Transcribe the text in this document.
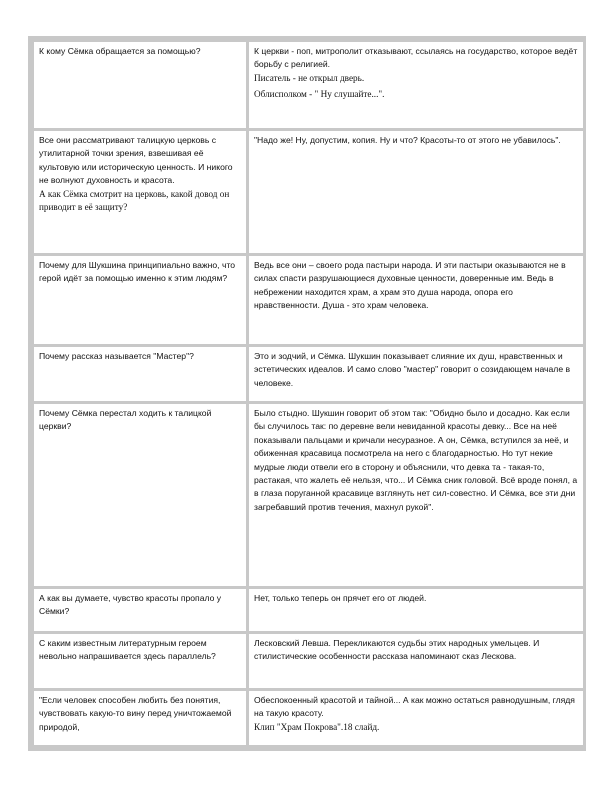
К кому Сёмка обращается за помощью?	К церкви - поп, митрополит отказывают, ссылаясь на государство, которое ведёт борьбу с религией.
Писатель - не открыл дверь.
Облисполком - " Ну слушайте...".

Все они рассматривают талицкую церковь с утилитарной точки зрения, взвешивая её культовую или историческую ценность. И никого не волнуют духовность и красота.
А как Сёмка смотрит на церковь, какой довод он приводит в её защиту?	"Надо же! Ну, допустим, копия. Ну и что? Красоты-то от этого не убавилось".
Почему для Шукшина принципиально важно, что герой идёт за помощью именно к этим людям?	Ведь все они – своего рода пастыри народа. И эти пастыри оказываются не в силах спасти разрушающиеся духовные ценности, доверенные им. Ведь в небрежении находится храм, а храм это душа народа, опора его нравственности. Душа - это храм человека.
Почему рассказ называется "Мастер"?	Это и зодчий, и Сёмка. Шукшин показывает слияние их душ, нравственных и эстетических идеалов. И само слово "мастер" говорит о созидающем начале в человеке.
Почему Сёмка перестал ходить к талицкой церкви?	Было стыдно. Шукшин говорит об этом так: "Обидно было и досадно. Как если бы случилось так: по деревне вели невиданной красоты девку... Все на неё показывали пальцами и кричали несуразное. А он, Сёмка, вступился за неё, и обиженная красавица посмотрела на него с благодарностью. Но тут некие мудрые люди отвели его в сторону и объяснили, что девка та - такая-то, растакая, что жалеть её нельзя, что... И Сёмка сник головой. Всё вроде понял, а в глаза поруганной красавице взглянуть нет сил-совестно. И Сёмка, все эти дни загребавший против течения, махнул рукой".
А как вы думаете, чувство красоты пропало у Сёмки?	Нет, только теперь он прячет его от людей.
С каким известным литературным героем невольно напрашивается здесь параллель?	Лесковский Левша. Перекликаются судьбы этих народных умельцев. И стилистические особенности рассказа напоминают сказ Лескова.
"Если человек способен любить без понятия, чувствовать какую-то вину перед уничтожаемой природой,	Обеспокоенный красотой и тайной... А как можно остаться равнодушным, глядя на такую красоту.
Клип "Храм Покрова".18 слайд.
